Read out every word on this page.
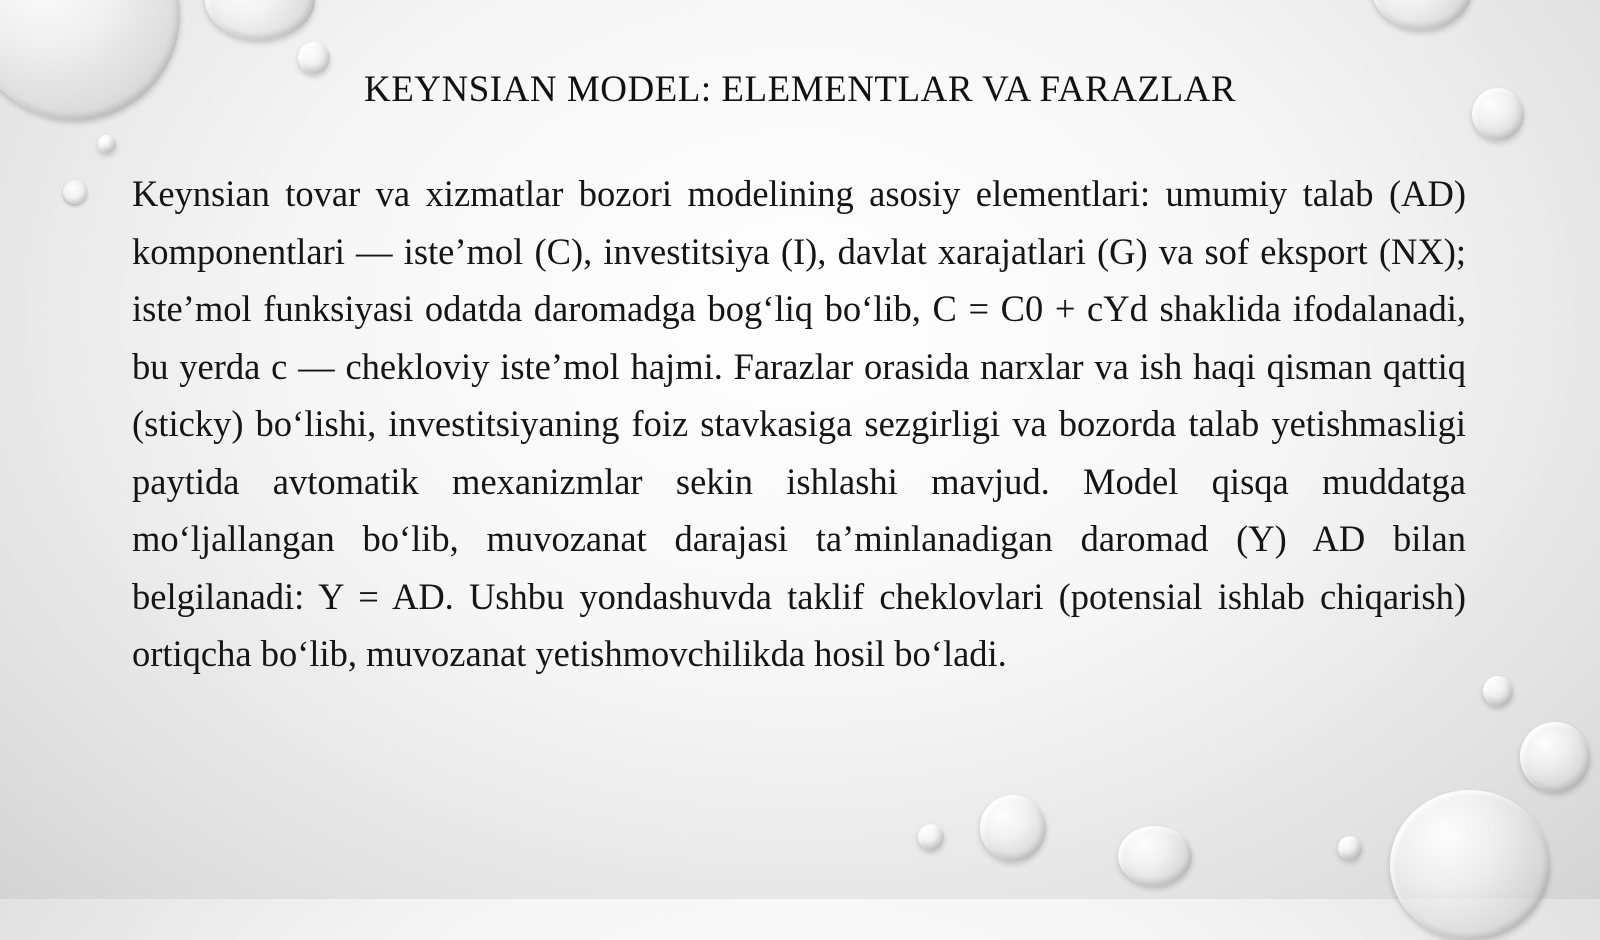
KEYNSIAN MODEL: ELEMENTLAR VA FARAZLAR

Keynsian tovar va xizmatlar bozori modelining asosiy elementlari: umumiy talab (AD) komponentlari — iste’mol (C), investitsiya (I), davlat xarajatlari (G) va sof eksport (NX); iste’mol funksiyasi odatda daromadga bog‘liq bo‘lib, C = C0 + cYd shaklida ifodalanadi, bu yerda c — chekloviy iste’mol hajmi. Farazlar orasida narxlar va ish haqi qisman qattiq (sticky) bo‘lishi, investitsiyaning foiz stavkasiga sezgirligi va bozorda talab yetishmasligi paytida avtomatik mexanizmlar sekin ishlashi mavjud. Model qisqa muddatga mo‘ljallangan bo‘lib, muvozanat darajasi ta’minlanadigan daromad (Y) AD bilan belgilanadi: Y = AD. Ushbu yondashuvda taklif cheklovlari (potensial ishlab chiqarish) ortiqcha bo‘lib, muvozanat yetishmovchilikda hosil bo‘ladi.
